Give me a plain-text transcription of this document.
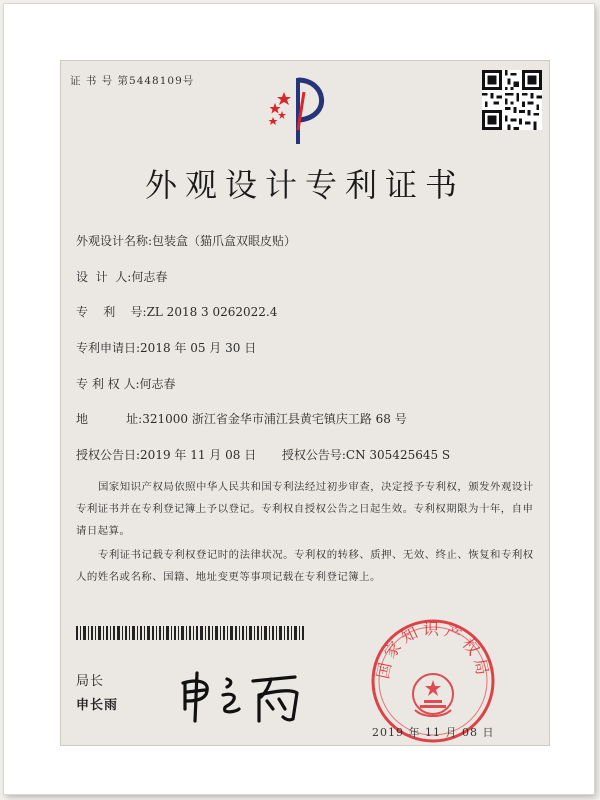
证 书 号 第5448109号
外观设计专利证书
外观设计名称:包装盒（猫爪盒双眼皮贴）
设  计  人:何志春
专    利    号:ZL 2018 3 0262022.4
专利申请日:2018 年 05 月 30 日
专 利 权 人:何志春
地          址:321000 浙江省金华市浦江县黄宅镇庆工路 68 号
授权公告日:2019 年 11 月 08 日 授权公告号:CN 305425645 S
国家知识产权局依照中华人民共和国专利法经过初步审查，决定授予专利权，颁发外观设计专利证书并在专利登记簿上予以登记。专利权自授权公告之日起生效。专利权期限为十年，自申请日起算。
专利证书记载专利权登记时的法律状况。专利权的转移、质押、无效、终止、恢复和专利权人的姓名或名称、国籍、地址变更等事项记载在专利登记簿上。
局长
申长雨
国家知识产权局
2019 年 11 月 08 日
